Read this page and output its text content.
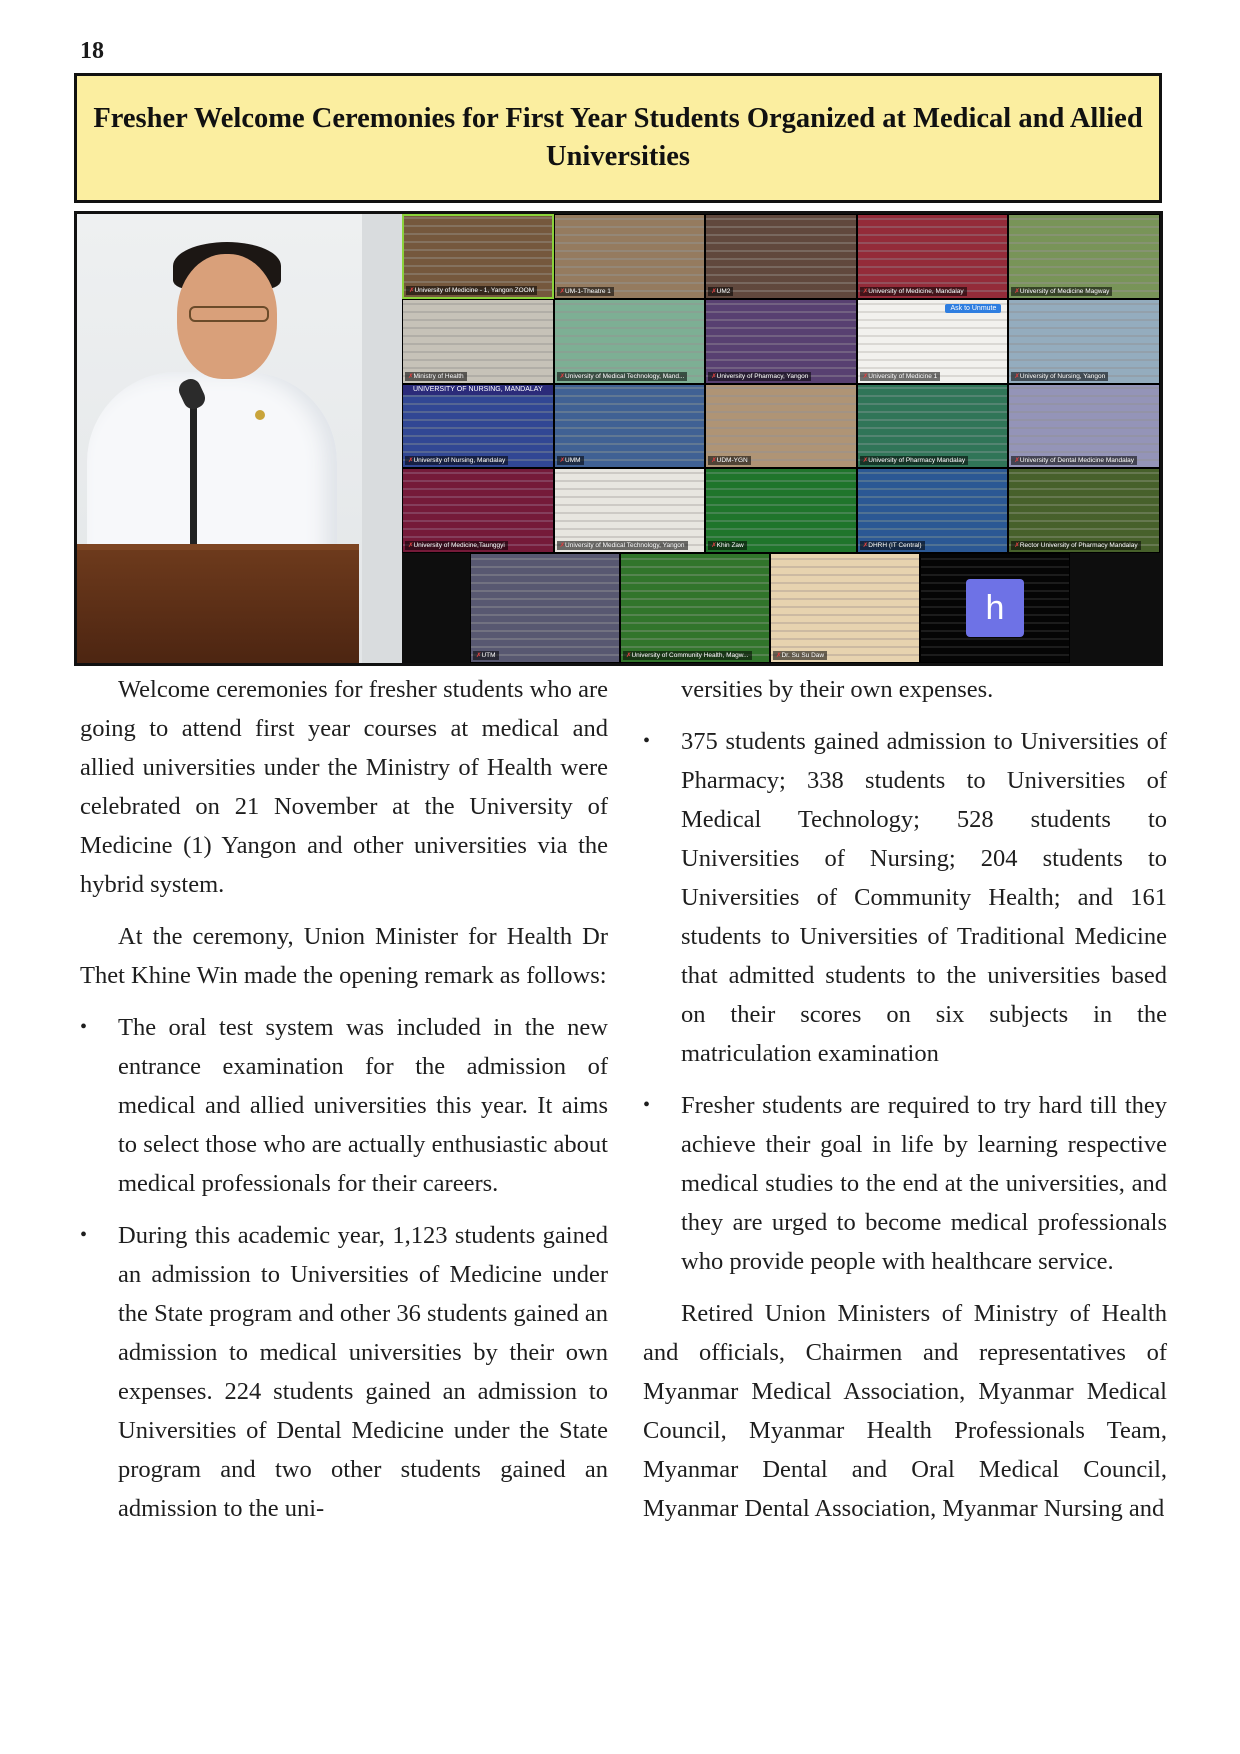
18
Fresher Welcome Ceremonies for First Year Students Organized at Medical and Allied Universities
✗ University of Medicine - 1, Yangon ZOOM	✗ UM-1-Theatre 1	✗ UM2	✗ University of Medicine, Mandalay	✗ University of Medicine Magway
✗ Ministry of Health	✗ University of Medical Technology, Mand...	✗ University of Pharmacy, Yangon
Ask to Unmute
✗ University of Medicine 1	✗ University of Nursing, Yangon
UNIVERSITY OF NURSING, MANDALAY
✗ University of Nursing, Mandalay	✗ UMM	✗ UDM-YGN	✗ University of Pharmacy Mandalay	✗ University of Dental Medicine Mandalay
✗ University of Medicine,Taunggyi	✗ University of Medical Technology, Yangon	✗ Khin Zaw	✗ DHRH (IT Central)	✗ Rector University of Pharmacy Mandalay
✗ UTM	✗ University of Community Health, Magw...	✗ Dr. Su Su Daw
h

Welcome ceremonies for fresher students who are going to attend first year courses at medical and allied universities under the Ministry of Health were celebrated on 21 November at the University of Medicine (1) Yangon and other universities via the hybrid system.

At the ceremony, Union Minister for Health Dr Thet Khine Win made the opening remark as follows:

•	The oral test system was included in the new entrance examination for the admission of medical and allied universities this year. It aims to select those who are actually enthusiastic about medical professionals for their careers.
•	During this academic year, 1,123 students gained an admission to Universities of Medicine under the State program and other 36 students gained an admission to medical universities by their own expenses. 224 students gained an admission to Universities of Dental Medicine under the State program and two other students gained an admission to the uni-

versities by their own expenses.

•	375 students gained admission to Universities of Pharmacy; 338 students to Universities of Medical Technology; 528 students to Universities of Nursing; 204 students to Universities of Community Health; and 161 students to Universities of Traditional Medicine that admitted students to the universities based on their scores on six subjects in the matriculation examination
•	Fresher students are required to try hard till they achieve their goal in life by learning respective medical studies to the end at the universities, and they are urged to become medical professionals who provide people with healthcare service.

Retired Union Ministers of Ministry of Health and officials, Chairmen and representatives of Myanmar Medical Association, Myanmar Medical Council, Myanmar Health Professionals Team, Myanmar Dental and Oral Medical Council, Myanmar Dental Association, Myanmar Nursing and
